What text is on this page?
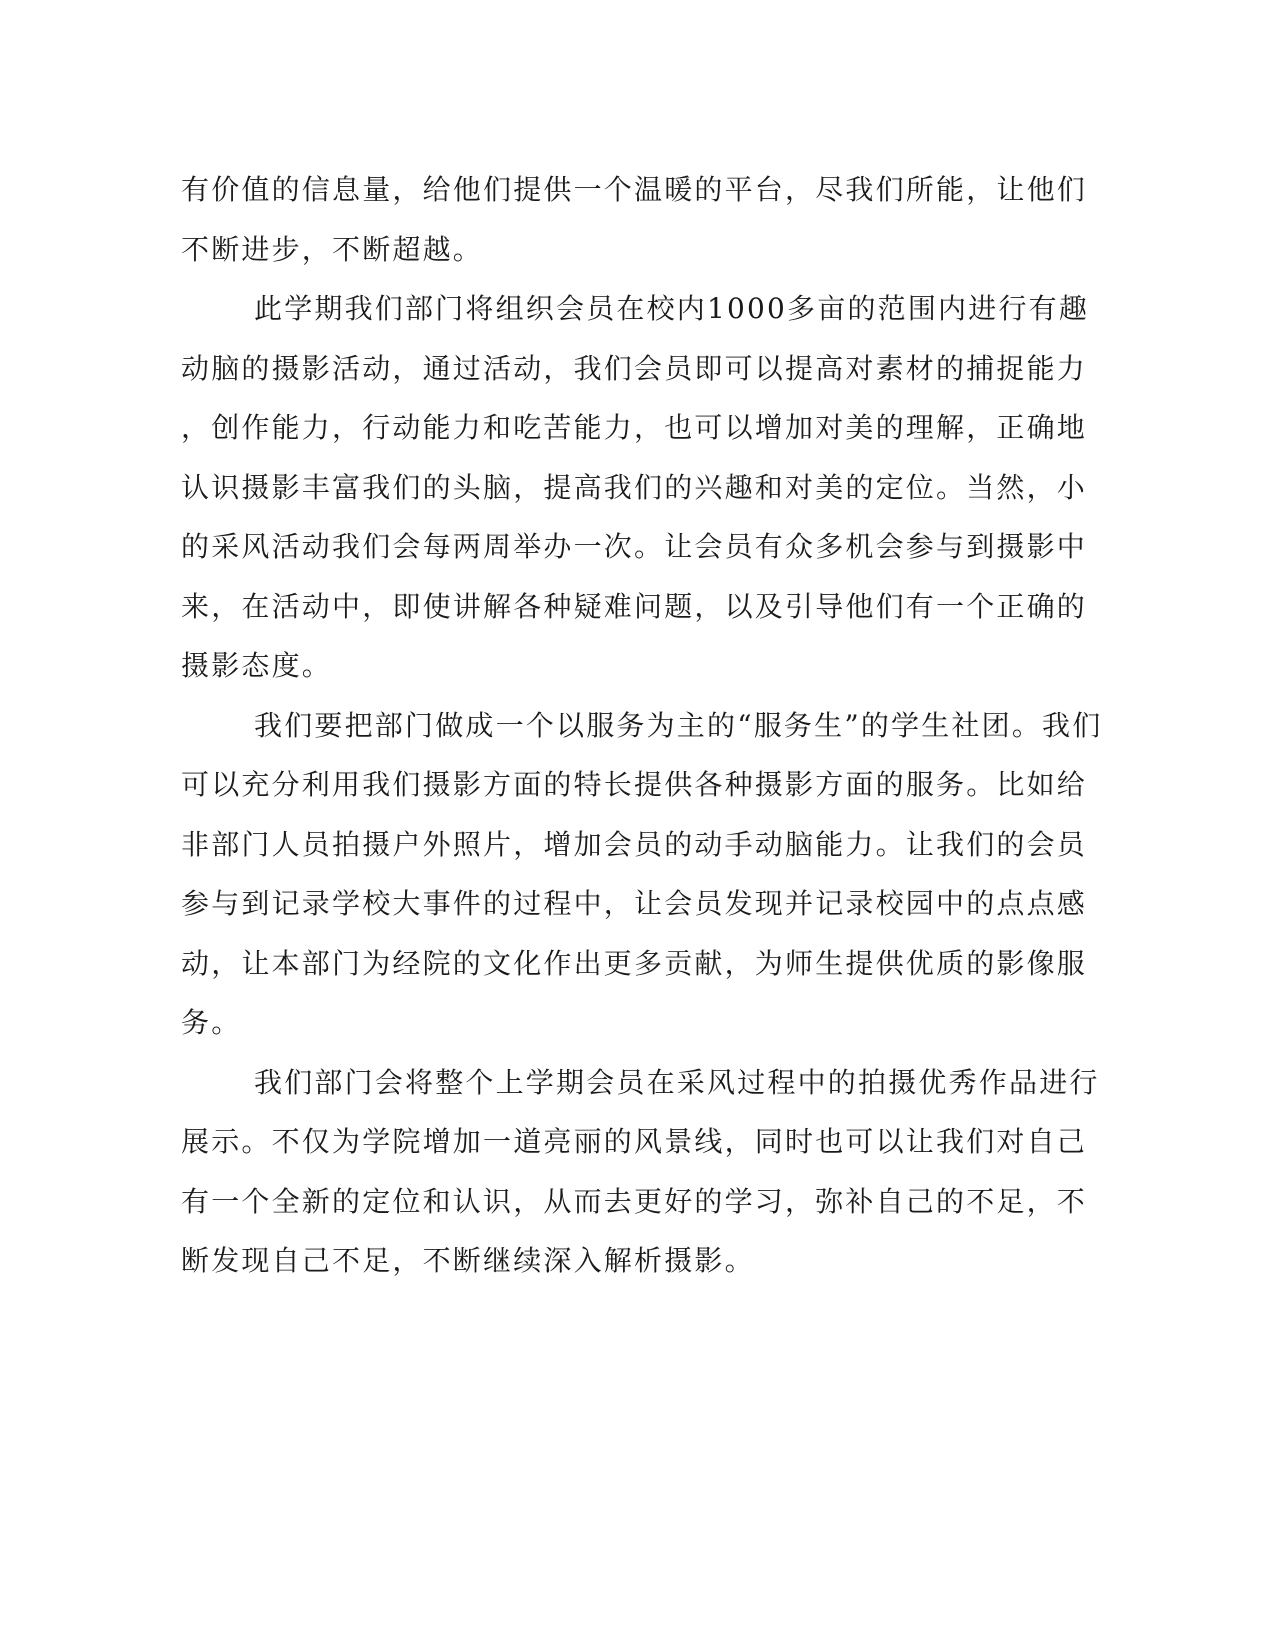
有价值的信息量，给他们提供一个温暖的平台，尽我们所能，让他们
不断进步，不断超越。
此学期我们部门将组织会员在校内1000多亩的范围内进行有趣
动脑的摄影活动，通过活动，我们会员即可以提高对素材的捕捉能力
，创作能力，行动能力和吃苦能力，也可以增加对美的理解，正确地
认识摄影丰富我们的头脑，提高我们的兴趣和对美的定位。当然，小
的采风活动我们会每两周举办一次。让会员有众多机会参与到摄影中
来，在活动中，即使讲解各种疑难问题，以及引导他们有一个正确的
摄影态度。
我们要把部门做成一个以服务为主的“服务生”的学生社团。我们
可以充分利用我们摄影方面的特长提供各种摄影方面的服务。比如给
非部门人员拍摄户外照片，增加会员的动手动脑能力。让我们的会员
参与到记录学校大事件的过程中，让会员发现并记录校园中的点点感
动，让本部门为经院的文化作出更多贡献，为师生提供优质的影像服
务。
我们部门会将整个上学期会员在采风过程中的拍摄优秀作品进行
展示。不仅为学院增加一道亮丽的风景线，同时也可以让我们对自己
有一个全新的定位和认识，从而去更好的学习，弥补自己的不足，不
断发现自己不足，不断继续深入解析摄影。
